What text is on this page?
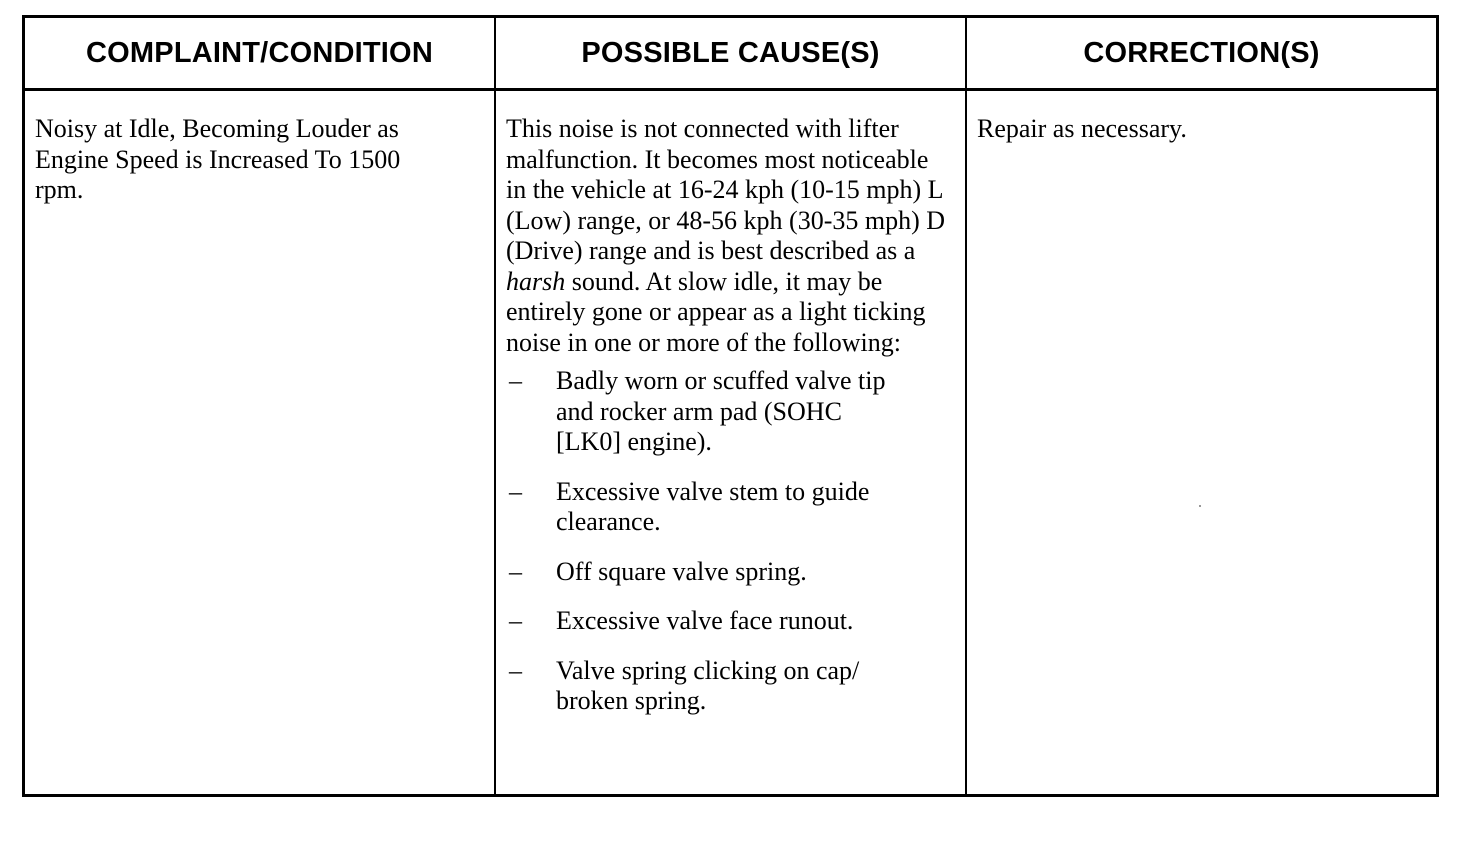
COMPLAINT/CONDITION	POSSIBLE CAUSE(S)	CORRECTION(S)

Noisy at Idle, Becoming Louder as Engine Speed is Increased To 1500 rpm.

This noise is not connected with lifter malfunction. It becomes most noticeable in the vehicle at 16-24 kph (10-15 mph) L (Low) range, or 48-56 kph (30-35 mph) D (Drive) range and is best described as a harsh sound. At slow idle, it may be entirely gone or appear as a light ticking noise in one or more of the following:

– Badly worn or scuffed valve tip and rocker arm pad (SOHC [LK0] engine).
– Excessive valve stem to guide clearance.
– Off square valve spring.
– Excessive valve face runout.
– Valve spring clicking on cap/ broken spring.

Repair as necessary.
